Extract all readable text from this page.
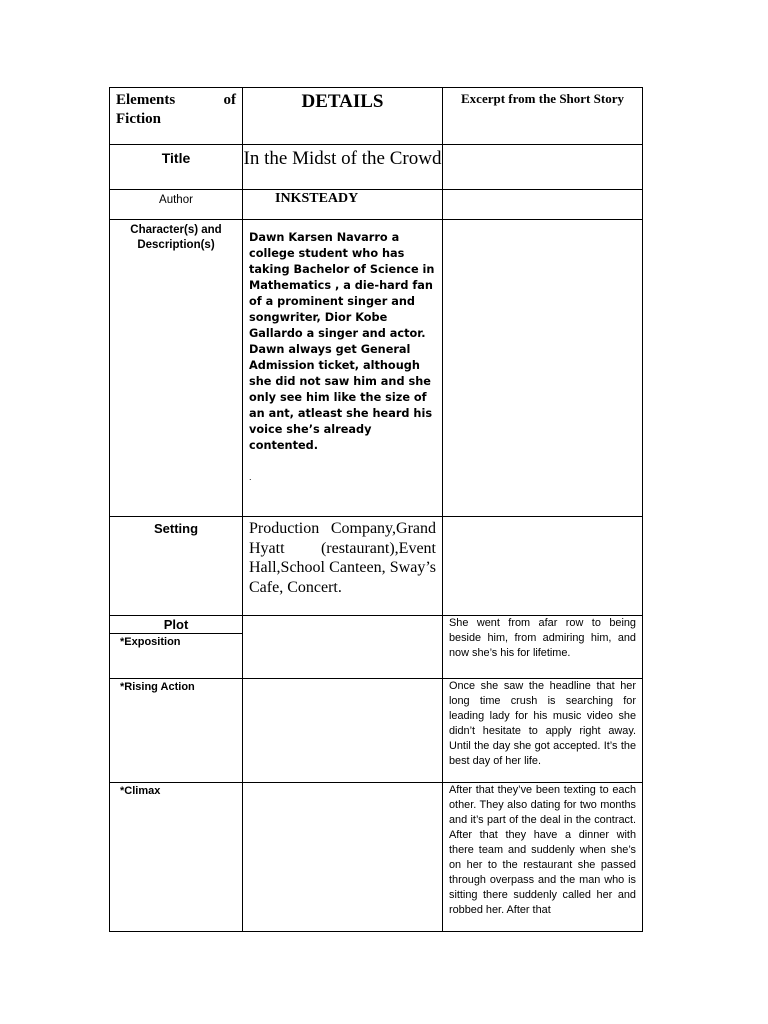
Elements of
Fiction	DETAILS	Excerpt from the Short Story

Title	In the Midst of the Crowd	

Author	INKSTEADY	

Character(s) and Description(s)	Dawn Karsen Navarro a college student who has taking Bachelor of Science in Mathematics , a die-hard fan of a prominent singer and songwriter, Dior Kobe Gallardo a singer and actor. Dawn always get General Admission ticket, although she did not saw him and she only see him like the size of an ant, atleast she heard his voice she’s already contented.
.	

Setting	Production Company,Grand Hyatt (restaurant),Event Hall,School Canteen, Sway’s Cafe, Concert.	

Plot
*Exposition		She went from afar row to being beside him, from admiring him, and now she’s his for lifetime.

*Rising Action		Once she saw the headline that her long time crush is searching for leading lady for his music video she didn’t hesitate to apply right away. Until the day she got accepted. It’s the best day of her life.

*Climax		After that they’ve been texting to each other. They also dating for two months and it’s part of the deal in the contract. After that they have a dinner with there team and suddenly when she’s on her to the restaurant she passed through overpass and the man who is sitting there suddenly called her and robbed her. After that
